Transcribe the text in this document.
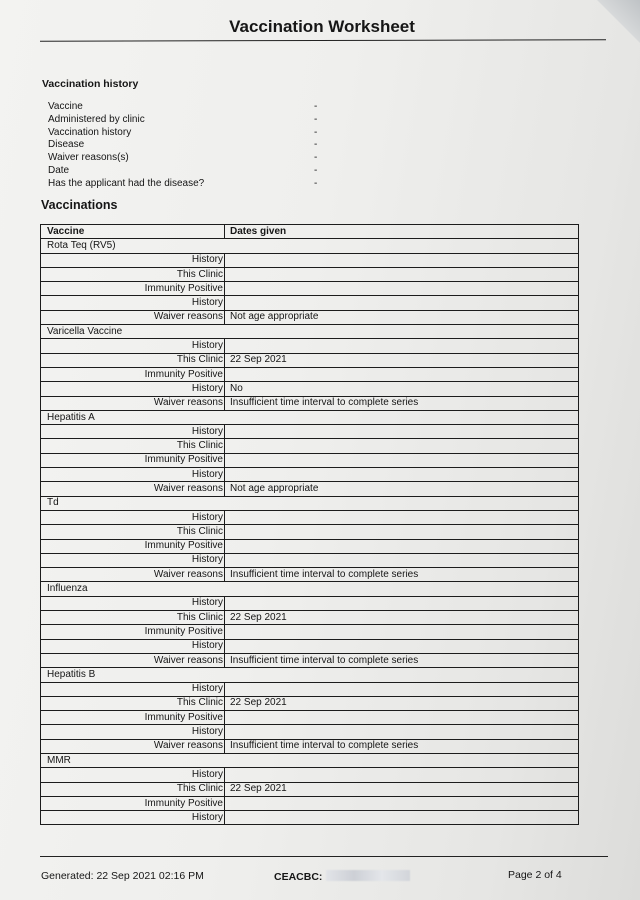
Vaccination Worksheet
Vaccination history
Vaccine	-
Administered by clinic	-
Vaccination history	-
Disease	-
Waiver reasons(s)	-
Date	-
Has the applicant had the disease?	-
Vaccinations
Vaccine	Dates given
Rota Teq (RV5)	
History	
This Clinic	
Immunity Positive	
History	
Waiver reasons	Not age appropriate
Varicella Vaccine	
History	
This Clinic	22 Sep 2021
Immunity Positive	
History	No
Waiver reasons	Insufficient time interval to complete series
Hepatitis A	
History	
This Clinic	
Immunity Positive	
History	
Waiver reasons	Not age appropriate
Td	
History	
This Clinic	
Immunity Positive	
History	
Waiver reasons	Insufficient time interval to complete series
Influenza	
History	
This Clinic	22 Sep 2021
Immunity Positive	
History	
Waiver reasons	Insufficient time interval to complete series
Hepatitis B	
History	
This Clinic	22 Sep 2021
Immunity Positive	
History	
Waiver reasons	Insufficient time interval to complete series
MMR	
History	
This Clinic	22 Sep 2021
Immunity Positive	
History	
Generated: 22 Sep 2021 02:16 PM	CEACBC:	Page 2 of 4
